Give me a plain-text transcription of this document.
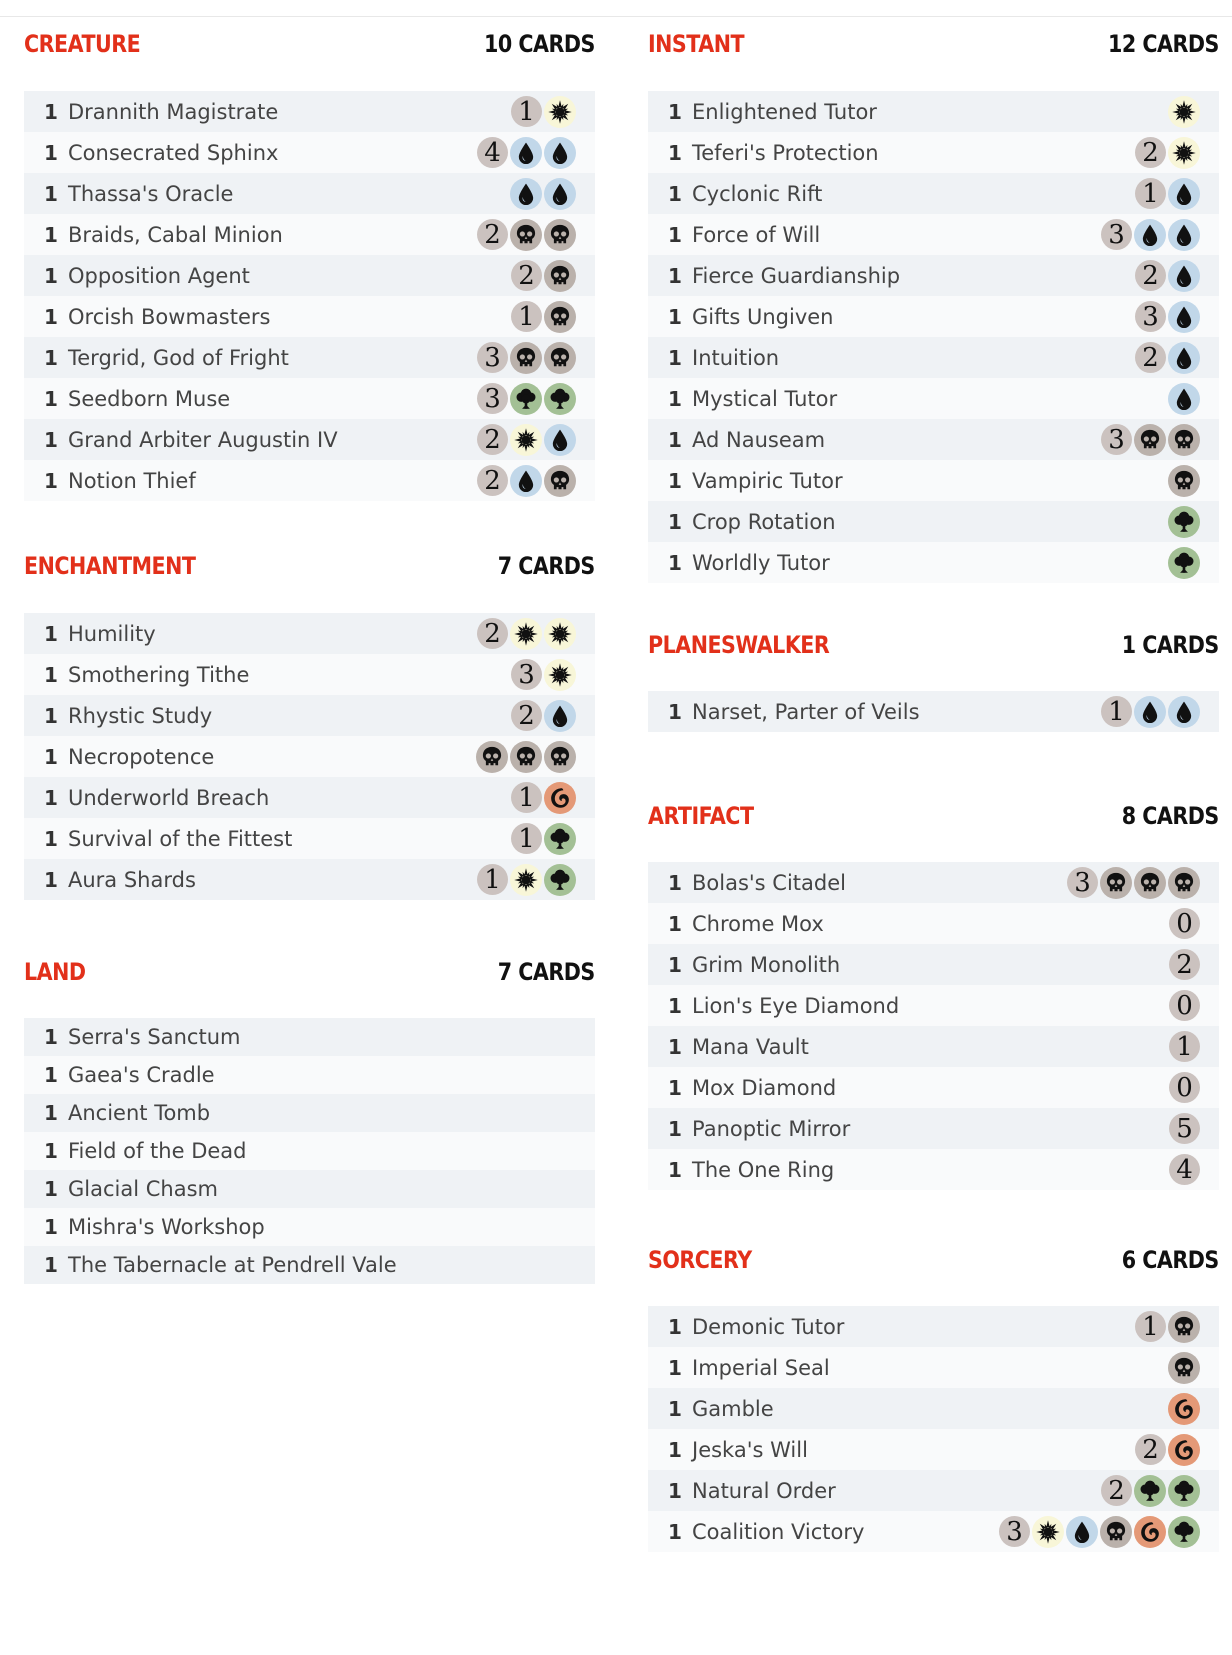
CREATURE	10 CARDS
1 Drannith Magistrate	1
1 Consecrated Sphinx	4
1 Thassa's Oracle
1 Braids, Cabal Minion	2
1 Opposition Agent	2
1 Orcish Bowmasters	1
1 Tergrid, God of Fright	3
1 Seedborn Muse	3
1 Grand Arbiter Augustin IV	2
1 Notion Thief	2
ENCHANTMENT	7 CARDS
1 Humility	2
1 Smothering Tithe	3
1 Rhystic Study	2
1 Necropotence
1 Underworld Breach	1
1 Survival of the Fittest	1
1 Aura Shards	1
LAND	7 CARDS
1 Serra's Sanctum
1 Gaea's Cradle
1 Ancient Tomb
1 Field of the Dead
1 Glacial Chasm
1 Mishra's Workshop
1 The Tabernacle at Pendrell Vale
INSTANT	12 CARDS
1 Enlightened Tutor
1 Teferi's Protection	2
1 Cyclonic Rift	1
1 Force of Will	3
1 Fierce Guardianship	2
1 Gifts Ungiven	3
1 Intuition	2
1 Mystical Tutor
1 Ad Nauseam	3
1 Vampiric Tutor
1 Crop Rotation
1 Worldly Tutor
PLANESWALKER	1 CARDS
1 Narset, Parter of Veils	1
ARTIFACT	8 CARDS
1 Bolas's Citadel	3
1 Chrome Mox	0
1 Grim Monolith	2
1 Lion's Eye Diamond	0
1 Mana Vault	1
1 Mox Diamond	0
1 Panoptic Mirror	5
1 The One Ring	4
SORCERY	6 CARDS
1 Demonic Tutor	1
1 Imperial Seal
1 Gamble
1 Jeska's Will	2
1 Natural Order	2
1 Coalition Victory	3
